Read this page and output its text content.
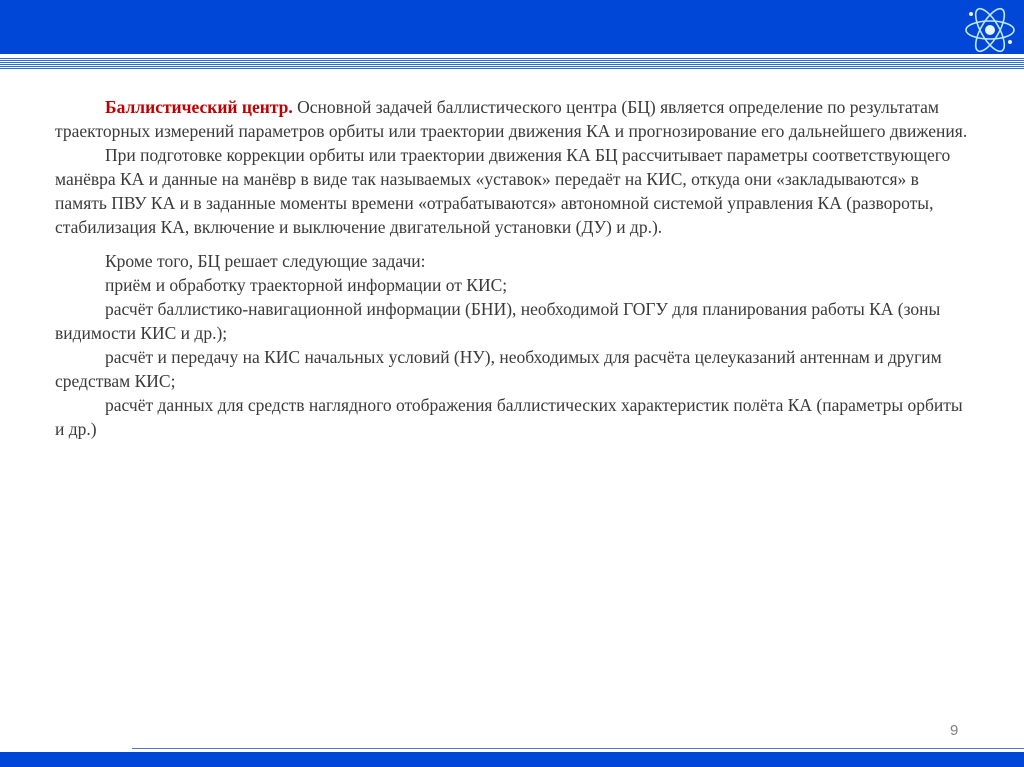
Баллистический центр. Основной задачей баллистического центра (БЦ) является определение по результатам траекторных измерений параметров орбиты или траектории движения КА и прогнозирование его дальнейшего движения.

При подготовке коррекции орбиты или траектории движения КА БЦ рассчитывает параметры соответствующего манёвра КА и данные на манёвр в виде так называемых «уставок» передаёт на КИС, откуда они «закладываются» в память ПВУ КА и в заданные моменты времени «отрабатываются» автономной системой управления КА (развороты, стабилизация КА, включение и выключение двигательной установки (ДУ) и др.).

Кроме того, БЦ решает следующие задачи:

приём и обработку траекторной информации от КИС;

расчёт баллистико-навигационной информации (БНИ), необходимой ГОГУ для планирования работы КА (зоны видимости КИС и др.);

расчёт и передачу на КИС начальных условий (НУ), необходимых для расчёта целеуказаний антеннам и другим средствам КИС;

расчёт данных для средств наглядного отображения баллистических характеристик полёта КА (параметры орбиты и др.)

9
